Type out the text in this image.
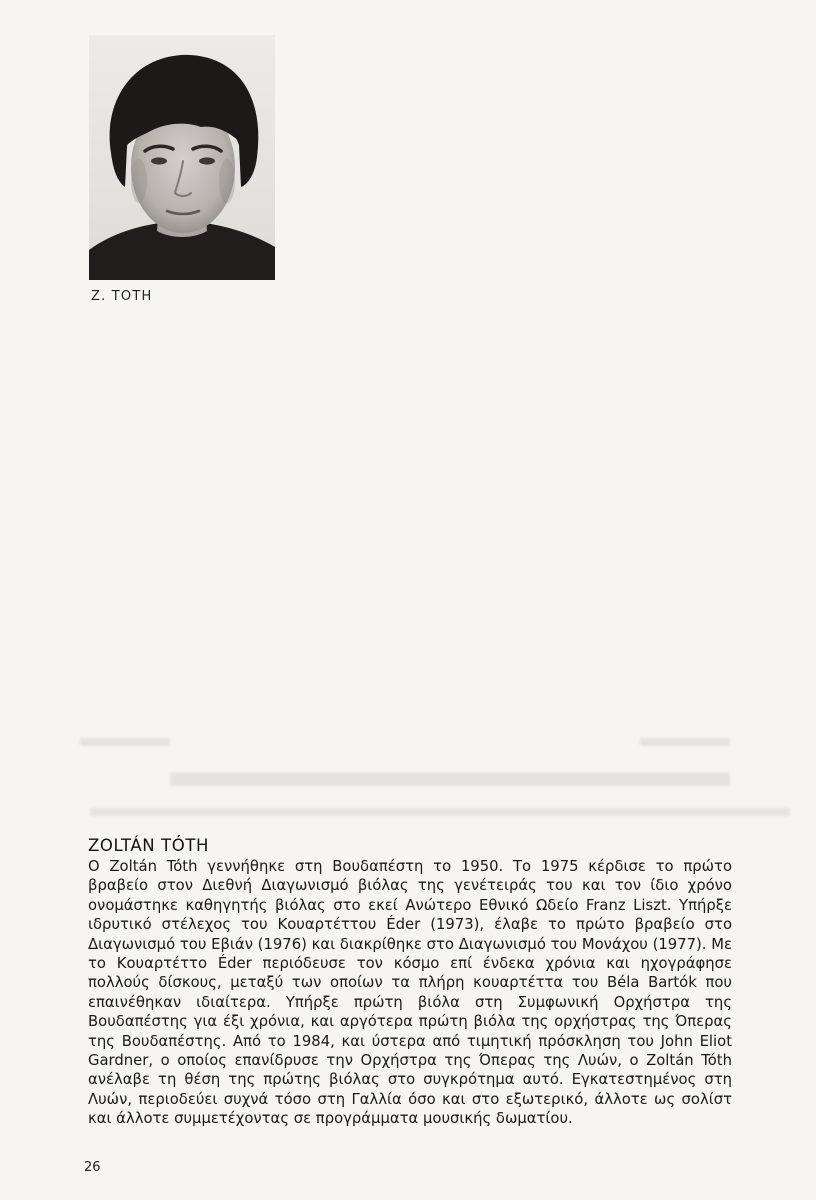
Z. TOTH
ZOLTÁN TÓTH

Ο Zoltán Tóth γεννήθηκε στη Βουδαπέστη το 1950. Το 1975 κέρδισε το πρώτο βραβείο στον Διεθνή Διαγωνισμό βιόλας της γενέτειράς του και τον ίδιο χρόνο ονομάστηκε καθηγητής βιόλας στο εκεί Ανώτερο Εθνικό Ωδείο Franz Liszt. Υπήρξε ιδρυτικό στέλεχος του Κουαρτέττου Éder (1973), έλαβε το πρώτο βραβείο στο Διαγωνισμό του Εβιάν (1976) και διακρίθηκε στο Διαγωνισμό του Μονάχου (1977). Με το Κουαρτέττο Éder περιόδευσε τον κόσμο επί ένδεκα χρόνια και ηχογράφησε πολλούς δίσκους, μεταξύ των οποίων τα πλήρη κουαρτέττα του Béla Bartók που επαινέθηκαν ιδιαίτερα. Υπήρξε πρώτη βιόλα στη Συμφωνική Ορχήστρα της Βουδαπέστης για έξι χρόνια, και αργότερα πρώτη βιόλα της ορχήστρας της Όπερας της Βουδαπέστης. Από το 1984, και ύστερα από τιμητική πρόσκληση του John Eliot Gardner, ο οποίος επανίδρυσε την Ορχήστρα της Όπερας της Λυών, ο Zoltán Tóth ανέλαβε τη θέση της πρώτης βιόλας στο συγκρότημα αυτό. Εγκατεστημένος στη Λυών, περιοδεύει συχνά τόσο στη Γαλλία όσο και στο εξωτερικό, άλλοτε ως σολίστ και άλλοτε συμμετέχοντας σε προγράμματα μουσικής δωματίου.

26
